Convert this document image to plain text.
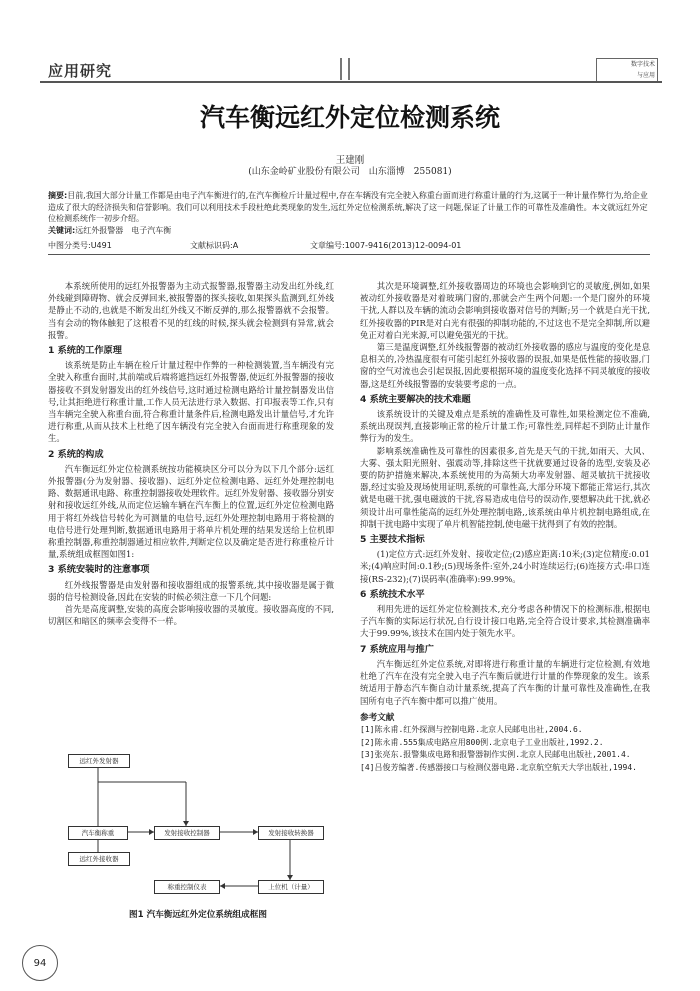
应用研究	数字技术
与应用
汽车衡远红外定位检测系统
王建刚
(山东金岭矿业股份有限公司　山东淄博　255081)
摘要:目前,我国大部分计量工作都是由电子汽车衡进行的,在汽车衡检斤计量过程中,存在车辆没有完全驶入称重台面而进行称重计量的行为,这属于一种计量作弊行为,给企业造成了很大的经济损失和信誉影响。我们可以利用技术手段杜绝此类现象的发生,远红外定位检测系统,解决了这一问题,保证了计量工作的可靠性及准确性。本文就远红外定位检测系统作一初步介绍。
关键词:远红外报警器　电子汽车衡
中图分类号:U491	文献标识码:A	文章编号:1007-9416(2013)12-0094-01

本系统所使用的远红外报警器为主动式报警器,报警器主动发出红外线,红外线碰到障碍物、就会反弹回来,被报警器的探头接收,如果探头监测到,红外线是静止不动的,也就是不断发出红外线又不断反弹的,那么报警器就不会报警。当有会动的物体触犯了这根看不见的红线的时候,探头就会检测到有异常,就会报警。

1 系统的工作原理

该系统是防止车辆在检斤计量过程中作弊的一种检测装置,当车辆没有完全驶入称重台面时,其前端或后端将遮挡远红外报警器,使远红外报警器的接收器接收不到发射器发出的红外线信号,这时通过检测电路给计量控制器发出信号,让其拒绝进行称重计量,工作人员无法进行录入数据、打印报表等工作,只有当车辆完全驶入称重台面,符合称重计量条件后,检测电路发出计量信号,才允许进行称重,从而从技术上杜绝了因车辆没有完全驶入台面而进行称重现象的发生。

2 系统的构成

汽车衡远红外定位检测系统按功能模块区分可以分为以下几个部分:远红外报警器(分为发射器、接收器)、远红外定位检测电路、远红外处理控制电路、数据通讯电路、称重控制器接收处理软件。远红外发射器、接收器分别安射和接收远红外线,从而定位运输车辆在汽车衡上的位置,远红外定位检测电路用于将红外线信号转化为可测量的电信号,远红外处理控制电路用于将检测的电信号进行处理判断,数据通讯电路用于将单片机处理的结果发送给上位机即称重控制器,称重控制器通过相应软件,判断定位以及确定是否进行称重检斤计量,系统组成框图如图1:

3 系统安装时的注意事项

红外线报警器是由发射器和接收器组成的报警系统,其中接收器是属于微弱的信号检测设备,因此在安装的时候必须注意一下几个问题:

首先是高度调整,安装的高度会影响接收器的灵敏度。接收器高度的不同,切割区和暗区的频率会变得不一样。

远红外发射器
汽车衡称重	发射接收控制器	发射接收转换器
远红外接收器
称重控制仪表	上位机（计量）
图1 汽车衡远红外定位系统组成框图

其次是环境调整,红外接收器周边的环境也会影响到它的灵敏度,例如,如果被动红外接收器是对着玻璃门窗的,那就会产生两个问题:一个是门窗外的环境干扰,人群以及车辆的流动会影响到接收器对信号的判断;另一个就是白光干扰,红外接收器的PIR是对白光有很强的抑制功能的,不过这也不是完全抑制,所以避免正对着白光来源,可以避免强光的干扰。

第三是温度调整,红外线报警器的被动红外接收器的感应与温度的变化是息息相关的,冷热温度很有可能引起红外接收器的误报,如果是低性能的接收器,门窗的空气对流也会引起误报,因此要根据环境的温度变化选择不同灵敏度的接收器,这是红外线报警器的安装要考虑的一点。

4 系统主要解决的技术难题

该系统设计的关键及难点是系统的准确性及可靠性,如果检测定位不准确,系统出现误判,直接影响正常的检斤计量工作;可靠性差,同样起不到防止计量作弊行为的发生。

影响系统准确性及可靠性的因素很多,首先是天气的干扰,如雨天、大风、大雾、强太阳光照射、强震动等,排除这些干扰就要通过设备的选型,安装及必要的防护措施来解决,本系统使用的为高频大功率发射器、超灵敏抗干扰接收器,经过实验及现场使用证明,系统的可靠性高,大部分环境下都能正常运行,其次就是电磁干扰,强电磁波的干扰,容易造成电信号的误动作,要想解决此干扰,就必须设计出可靠性能高的远红外处理控制电路,,该系统由单片机控制电路组成,在抑制干扰电路中实现了单片机智能控制,使电磁干扰得到了有效的控制。

5 主要技术指标

(1)定位方式:远红外发射、接收定位;(2)感应距离:10米;(3)定位精度:0.01米;(4)响应时间:0.1秒;(5)现场条件:室外,24小时连续运行;(6)连接方式:串口连接(RS-232);(7)误码率(准确率):99.99%。

6 系统技术水平

利用先进的远红外定位检测技术,充分考虑各种情况下的检测标准,根据电子汽车衡的实际运行状况,自行设计接口电路,完全符合设计要求,其检测准确率大于99.99%,该技术在国内处于领先水平。

7 系统应用与推广

汽车衡远红外定位系统,对即将进行称重计量的车辆进行定位检测,有效地杜绝了汽车在没有完全驶入电子汽车衡后就进行计量的作弊现象的发生。该系统适用于静态汽车衡自动计量系统,提高了汽车衡的计量可靠性及准确性,在我国所有电子汽车衡中都可以推广使用。

参考文献

[1]陈永甫.红外探测与控制电路.北京人民邮电出社,2004.6.

[2]陈永甫.555集成电路应用800例.北京电子工业出版社,1992.2.

[3]张亮东.报警集成电路和报警器制作实例.北京人民邮电出版社,2001.4.

[4]吕俊芳编著.传感器接口与检测仪器电路.北京航空航天大学出版社,1994.

94
